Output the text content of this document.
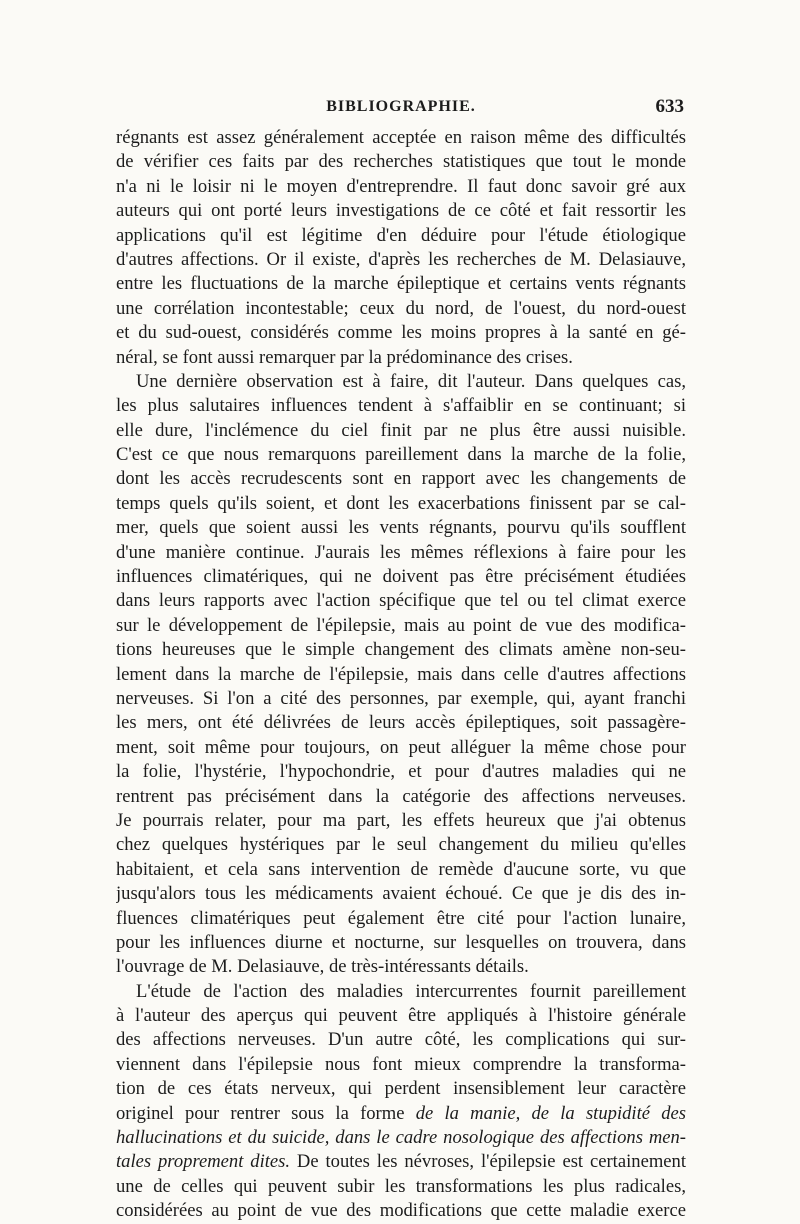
BIBLIOGRAPHIE.	633
régnants est assez généralement acceptée en raison même des difficultés
de vérifier ces faits par des recherches statistiques que tout le monde
n'a ni le loisir ni le moyen d'entreprendre. Il faut donc savoir gré aux
auteurs qui ont porté leurs investigations de ce côté et fait ressortir les
applications qu'il est légitime d'en déduire pour l'étude étiologique
d'autres affections. Or il existe, d'après les recherches de M. Delasiauve,
entre les fluctuations de la marche épileptique et certains vents régnants
une corrélation incontestable; ceux du nord, de l'ouest, du nord-ouest
et du sud-ouest, considérés comme les moins propres à la santé en gé-
néral, se font aussi remarquer par la prédominance des crises.
Une dernière observation est à faire, dit l'auteur. Dans quelques cas,
les plus salutaires influences tendent à s'affaiblir en se continuant; si
elle dure, l'inclémence du ciel finit par ne plus être aussi nuisible.
C'est ce que nous remarquons pareillement dans la marche de la folie,
dont les accès recrudescents sont en rapport avec les changements de
temps quels qu'ils soient, et dont les exacerbations finissent par se cal-
mer, quels que soient aussi les vents régnants, pourvu qu'ils soufflent
d'une manière continue. J'aurais les mêmes réflexions à faire pour les
influences climatériques, qui ne doivent pas être précisément étudiées
dans leurs rapports avec l'action spécifique que tel ou tel climat exerce
sur le développement de l'épilepsie, mais au point de vue des modifica-
tions heureuses que le simple changement des climats amène non-seu-
lement dans la marche de l'épilepsie, mais dans celle d'autres affections
nerveuses. Si l'on a cité des personnes, par exemple, qui, ayant franchi
les mers, ont été délivrées de leurs accès épileptiques, soit passagère-
ment, soit même pour toujours, on peut alléguer la même chose pour
la folie, l'hystérie, l'hypochondrie, et pour d'autres maladies qui ne
rentrent pas précisément dans la catégorie des affections nerveuses.
Je pourrais relater, pour ma part, les effets heureux que j'ai obtenus
chez quelques hystériques par le seul changement du milieu qu'elles
habitaient, et cela sans intervention de remède d'aucune sorte, vu que
jusqu'alors tous les médicaments avaient échoué. Ce que je dis des in-
fluences climatériques peut également être cité pour l'action lunaire,
pour les influences diurne et nocturne, sur lesquelles on trouvera, dans
l'ouvrage de M. Delasiauve, de très-intéressants détails.
L'étude de l'action des maladies intercurrentes fournit pareillement
à l'auteur des aperçus qui peuvent être appliqués à l'histoire générale
des affections nerveuses. D'un autre côté, les complications qui sur-
viennent dans l'épilepsie nous font mieux comprendre la transforma-
tion de ces états nerveux, qui perdent insensiblement leur caractère
originel pour rentrer sous la forme de la manie, de la stupidité des
hallucinations et du suicide, dans le cadre nosologique des affections men-
tales proprement dites. De toutes les névroses, l'épilepsie est certainement
une de celles qui peuvent subir les transformations les plus radicales,
considérées au point de vue des modifications que cette maladie exerce
